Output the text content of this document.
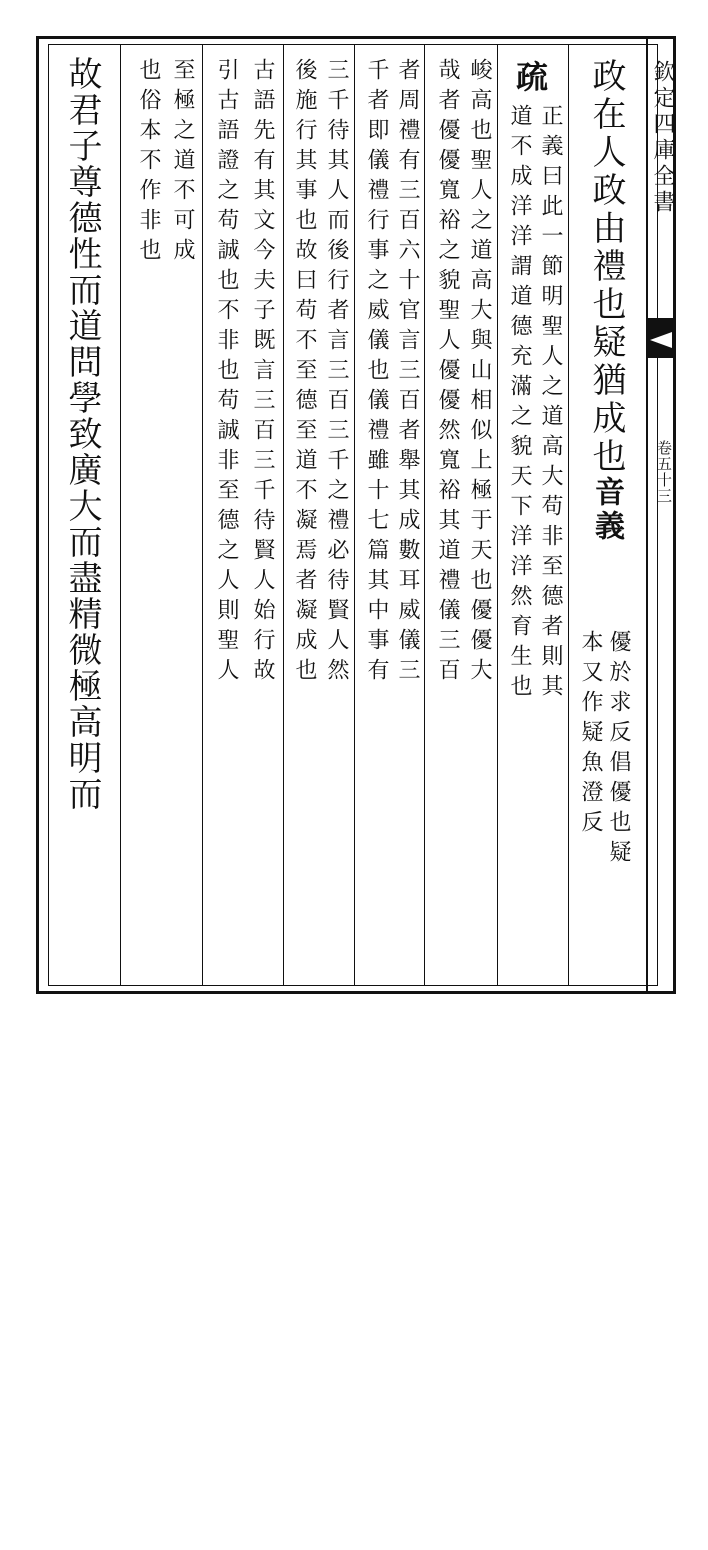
欽定四庫全書
卷五十三
政在人政由禮也疑猶成也音義
優於求反倡優也疑
本又作疑魚澄反
疏
正義曰此一節明聖人之道高大苟非至德者則其
道不成洋洋謂道德充滿之貌天下洋洋然育生也
峻高也聖人之道高大與山相似上極于天也優優大
哉者優優寬裕之貌聖人優優然寬裕其道禮儀三百
者周禮有三百六十官言三百者舉其成數耳威儀三
千者即儀禮行事之威儀也儀禮雖十七篇其中事有
三千待其人而後行者言三百三千之禮必待賢人然
後施行其事也故曰苟不至德至道不凝焉者凝成也
古語先有其文今夫子既言三百三千待賢人始行故
引古語證之苟誠也不非也苟誠非至德之人則聖人
至極之道不可成
也俗本不作非也
故君子尊德性而道問學致廣大而盡精微極高明而
